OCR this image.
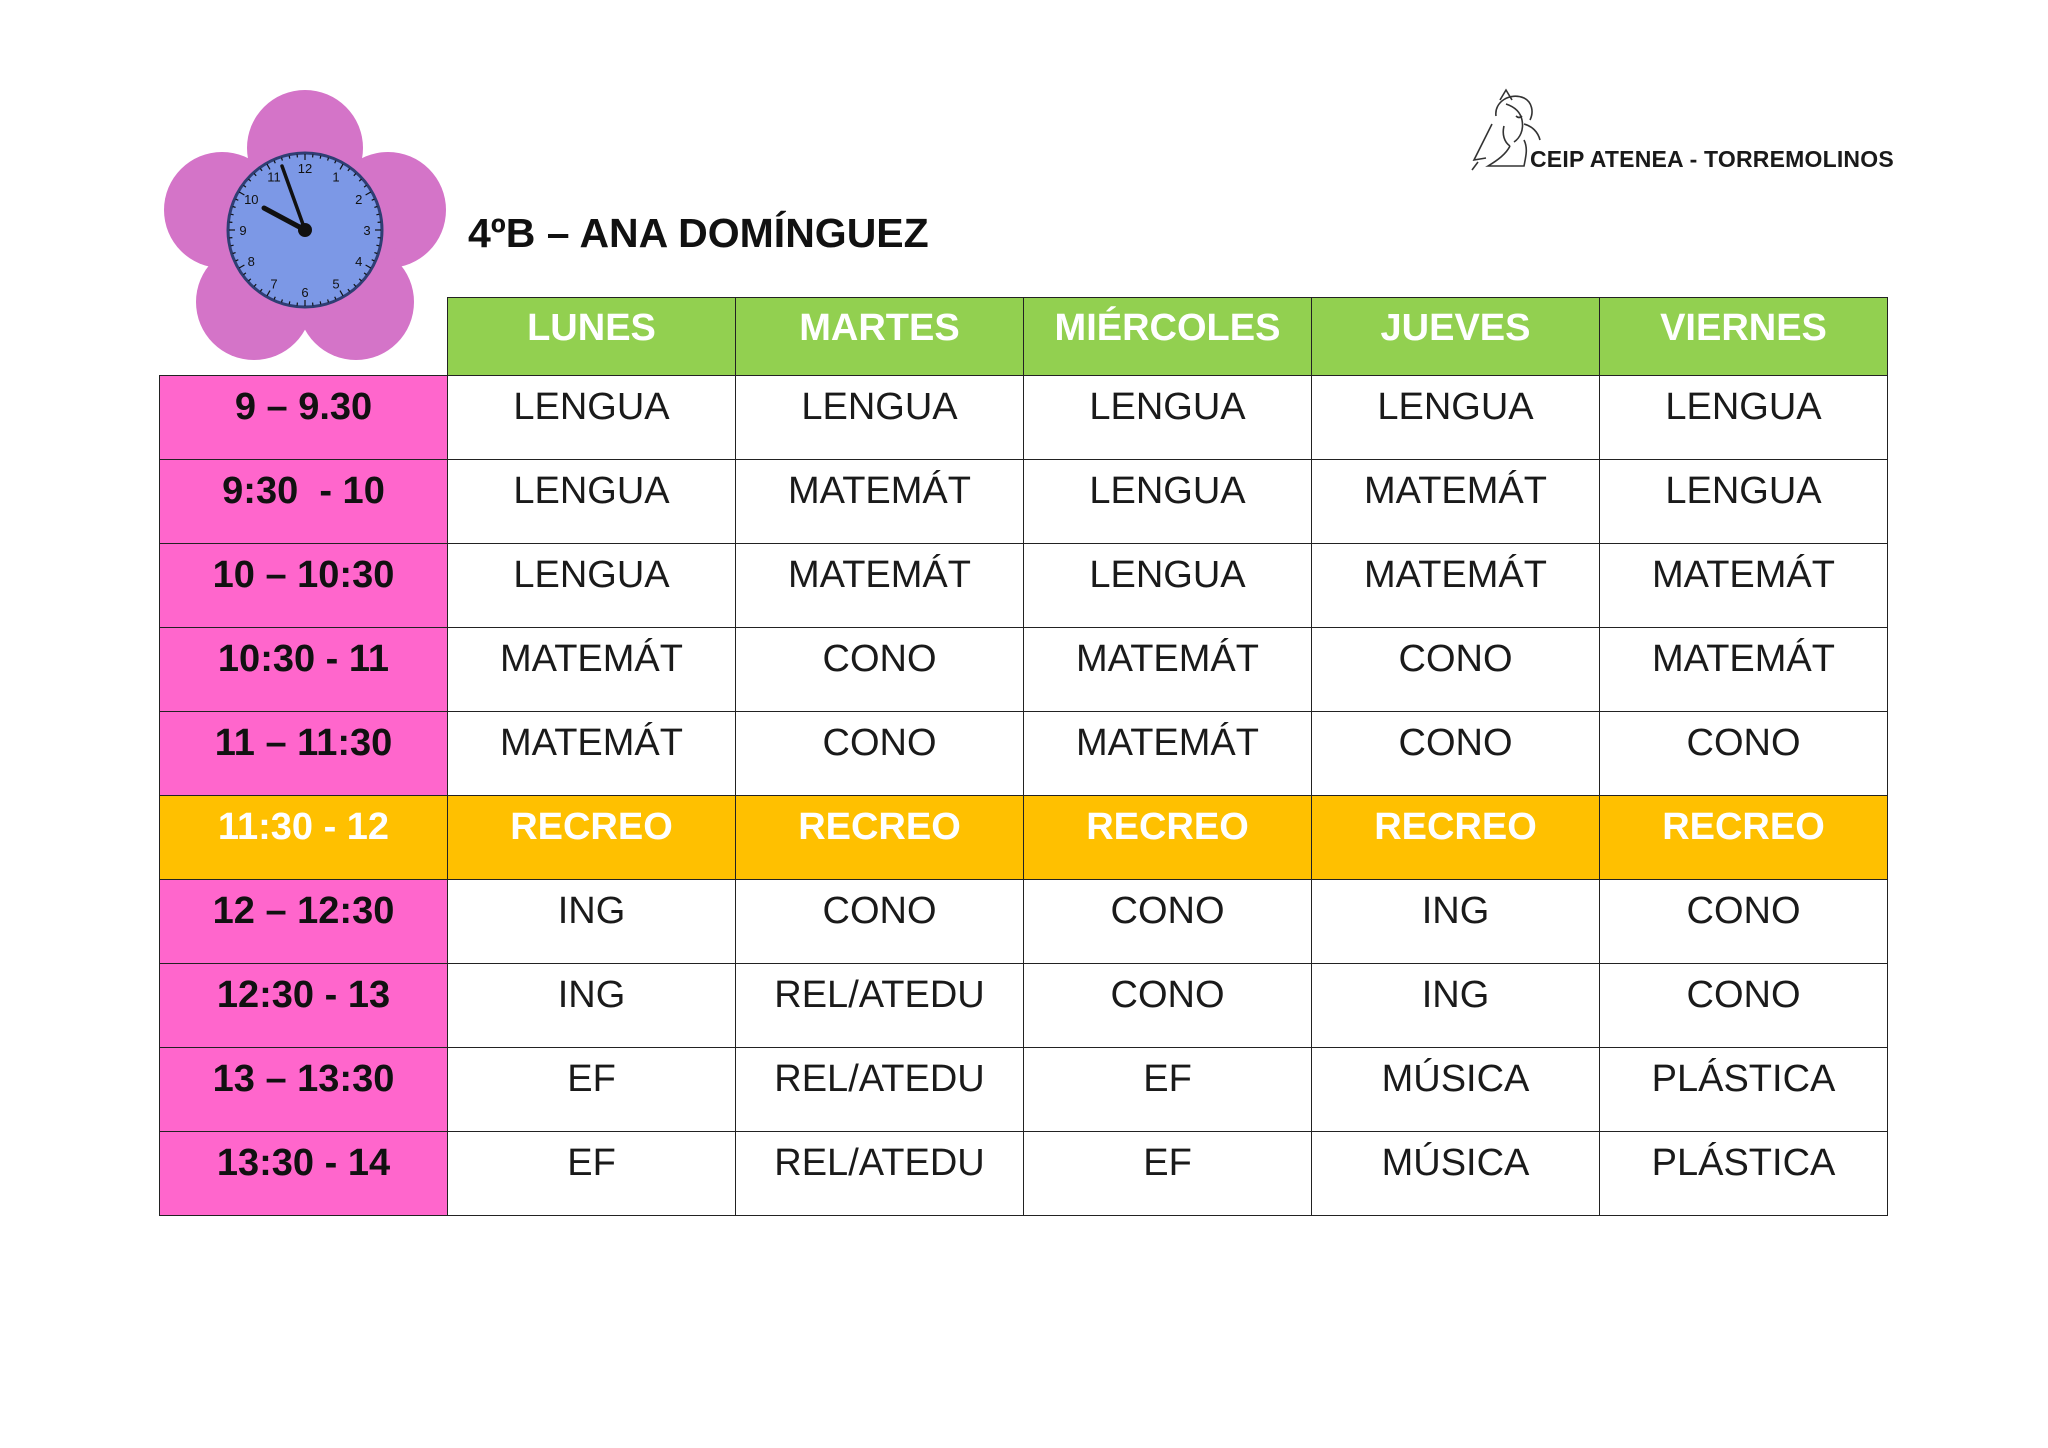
CEIP ATENEA - TORREMOLINOS
12
1
2
3
4
5
6
7
8
9
10
11
4ºB – ANA DOMÍNGUEZ
	LUNES	MARTES	MIÉRCOLES	JUEVES	VIERNES
9 – 9.30	LENGUA	LENGUA	LENGUA	LENGUA	LENGUA
9:30  - 10	LENGUA	MATEMÁT	LENGUA	MATEMÁT	LENGUA
10 – 10:30	LENGUA	MATEMÁT	LENGUA	MATEMÁT	MATEMÁT
10:30 - 11	MATEMÁT	CONO	MATEMÁT	CONO	MATEMÁT
11 – 11:30	MATEMÁT	CONO	MATEMÁT	CONO	CONO
11:30 - 12	RECREO	RECREO	RECREO	RECREO	RECREO
12 – 12:30	ING	CONO	CONO	ING	CONO
12:30 - 13	ING	REL/ATEDU	CONO	ING	CONO
13 – 13:30	EF	REL/ATEDU	EF	MÚSICA	PLÁSTICA
13:30 - 14	EF	REL/ATEDU	EF	MÚSICA	PLÁSTICA
